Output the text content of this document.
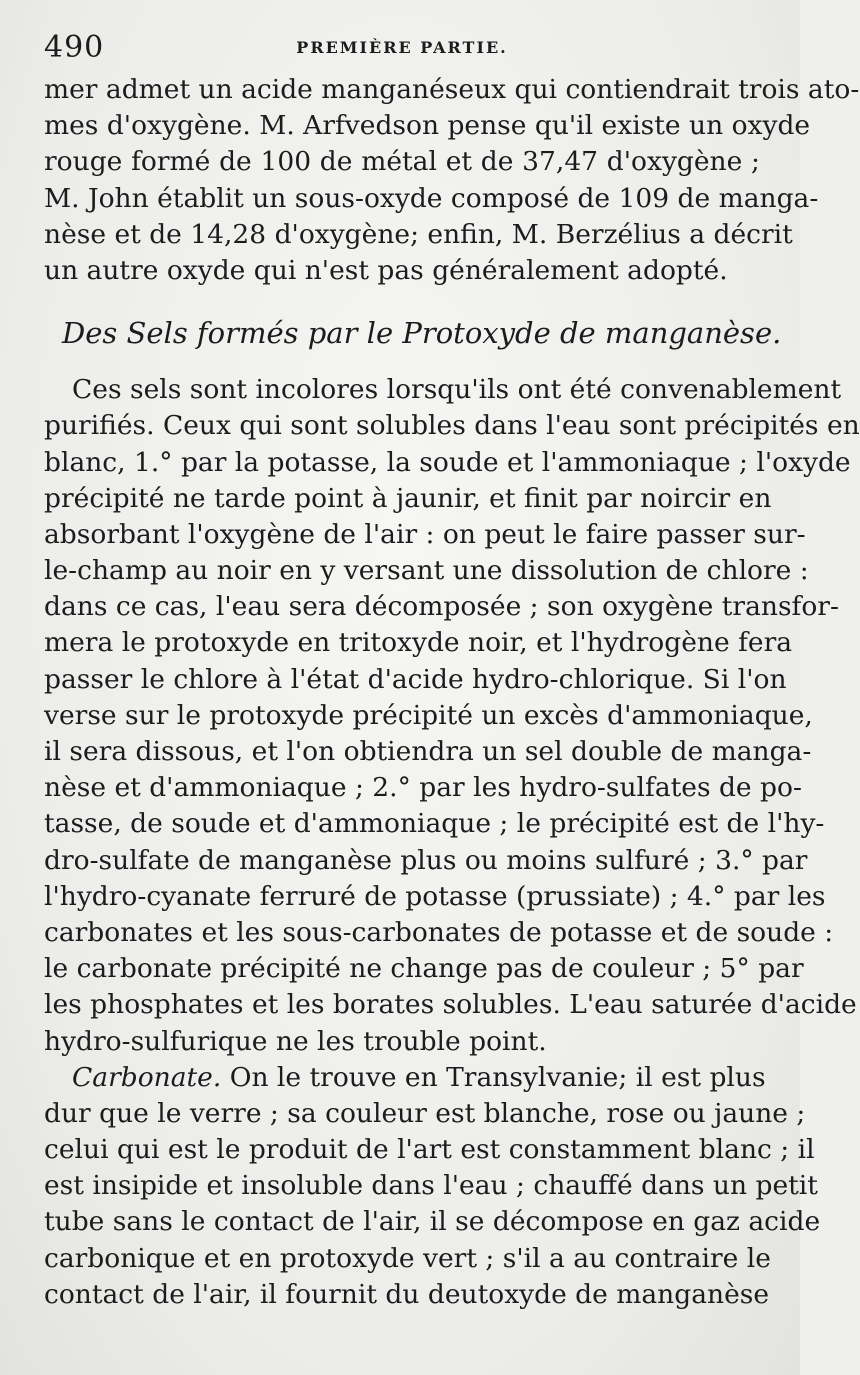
490	PREMIÈRE PARTIE.
mer admet un acide manganéseux qui contiendrait trois ato-
mes d'oxygène. M. Arfvedson pense qu'il existe un oxyde
rouge formé de 100 de métal et de 37,47 d'oxygène ;
M. John établit un sous-oxyde composé de 109 de manga-
nèse et de 14,28 d'oxygène; enfin, M. Berzélius a décrit
un autre oxyde qui n'est pas généralement adopté.
Des Sels formés par le Protoxyde de manganèse.
Ces sels sont incolores lorsqu'ils ont été convenablement
purifiés. Ceux qui sont solubles dans l'eau sont précipités en
blanc, 1.° par la potasse, la soude et l'ammoniaque ; l'oxyde
précipité ne tarde point à jaunir, et finit par noircir en
absorbant l'oxygène de l'air : on peut le faire passer sur-
le-champ au noir en y versant une dissolution de chlore :
dans ce cas, l'eau sera décomposée ; son oxygène transfor-
mera le protoxyde en tritoxyde noir, et l'hydrogène fera
passer le chlore à l'état d'acide hydro-chlorique. Si l'on
verse sur le protoxyde précipité un excès d'ammoniaque,
il sera dissous, et l'on obtiendra un sel double de manga-
nèse et d'ammoniaque ; 2.° par les hydro-sulfates de po-
tasse, de soude et d'ammoniaque ; le précipité est de l'hy-
dro-sulfate de manganèse plus ou moins sulfuré ; 3.° par
l'hydro-cyanate ferruré de potasse (prussiate) ; 4.° par les
carbonates et les sous-carbonates de potasse et de soude :
le carbonate précipité ne change pas de couleur ; 5° par
les phosphates et les borates solubles. L'eau saturée d'acide
hydro-sulfurique ne les trouble point.
Carbonate. On le trouve en Transylvanie; il est plus
dur que le verre ; sa couleur est blanche, rose ou jaune ;
celui qui est le produit de l'art est constamment blanc ; il
est insipide et insoluble dans l'eau ; chauffé dans un petit
tube sans le contact de l'air, il se décompose en gaz acide
carbonique et en protoxyde vert ; s'il a au contraire le
contact de l'air, il fournit du deutoxyde de manganèse
